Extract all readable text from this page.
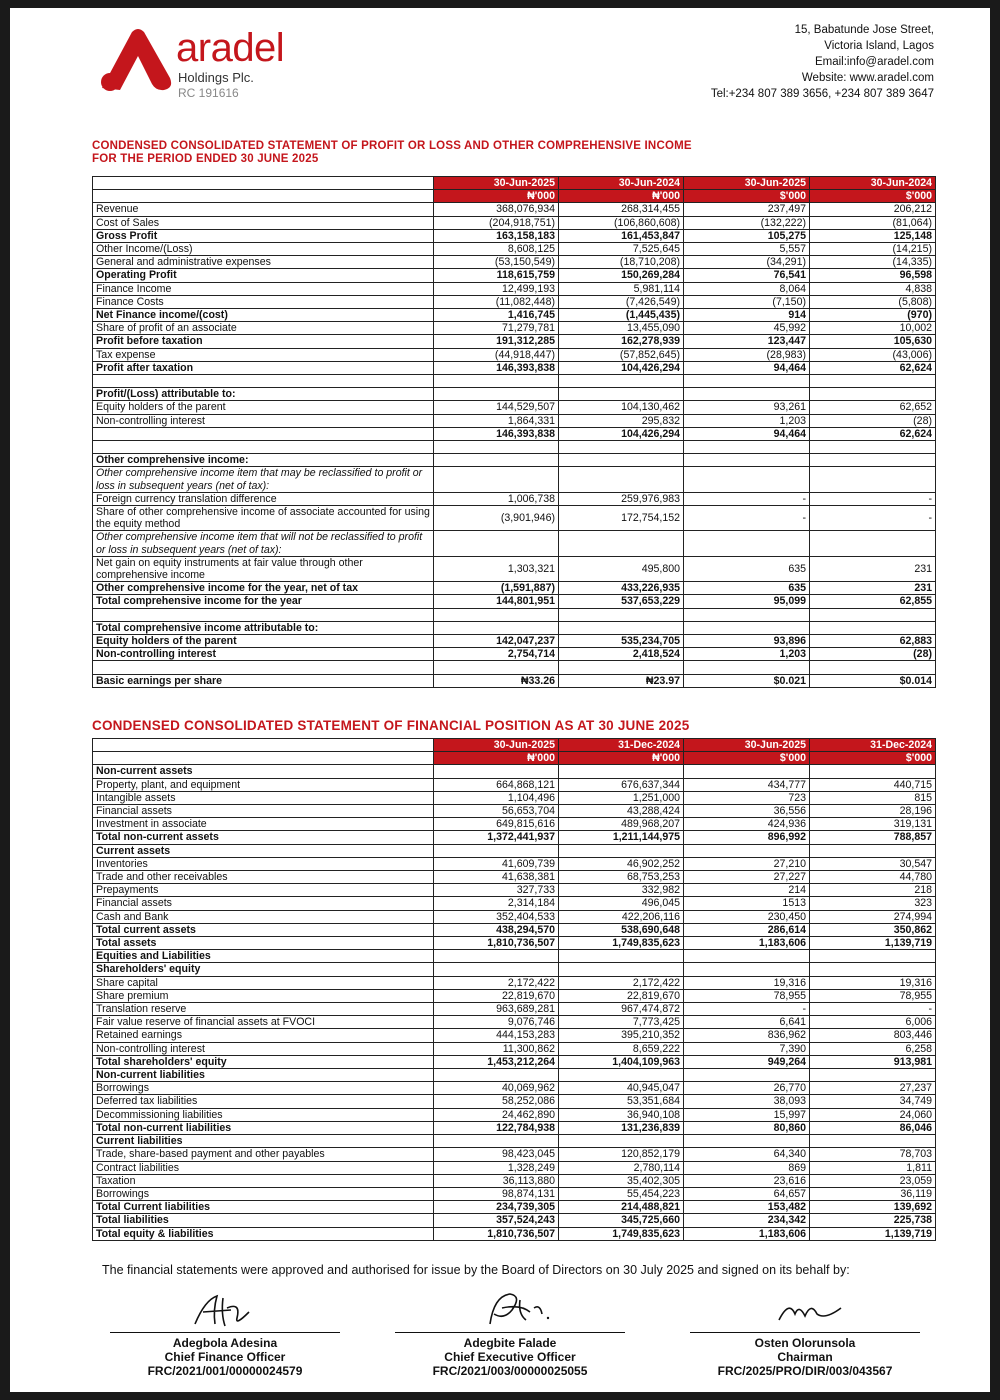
aradel
Holdings Plc.
RC 191616
15, Babatunde Jose Street,
Victoria Island, Lagos
Email:info@aradel.com
Website: www.aradel.com
Tel:+234 807 389 3656, +234 807 389 3647
CONDENSED CONSOLIDATED STATEMENT OF PROFIT OR LOSS AND OTHER COMPREHENSIVE INCOME
FOR THE PERIOD ENDED 30 JUNE 2025
	30-Jun-2025	30-Jun-2024	30-Jun-2025	30-Jun-2024
	₦'000	₦'000	$'000	$'000
Revenue	368,076,934	268,314,455	237,497	206,212
Cost of Sales	(204,918,751)	(106,860,608)	(132,222)	(81,064)
Gross Profit	163,158,183	161,453,847	105,275	125,148
Other Income/(Loss)	8,608,125	7,525,645	5,557	(14,215)
General and administrative expenses	(53,150,549)	(18,710,208)	(34,291)	(14,335)
Operating Profit	118,615,759	150,269,284	76,541	96,598
Finance Income	12,499,193	5,981,114	8,064	4,838
Finance Costs	(11,082,448)	(7,426,549)	(7,150)	(5,808)
Net Finance income/(cost)	1,416,745	(1,445,435)	914	(970)
Share of profit of an associate	71,279,781	13,455,090	45,992	10,002
Profit before taxation	191,312,285	162,278,939	123,447	105,630
Tax expense	(44,918,447)	(57,852,645)	(28,983)	(43,006)
Profit after taxation	146,393,838	104,426,294	94,464	62,624

Profit/(Loss) attributable to:				
Equity holders of the parent	144,529,507	104,130,462	93,261	62,652
Non-controlling interest	1,864,331	295,832	1,203	(28)
	146,393,838	104,426,294	94,464	62,624

Other comprehensive income:				
Other comprehensive income item that may be reclassified to profit or loss in subsequent years (net of tax):				
Foreign currency translation difference	1,006,738	259,976,983	-	-
Share of other comprehensive income of associate accounted for using the equity method	(3,901,946)	172,754,152	-	-
Other comprehensive income item that will not be reclassified to profit or loss in subsequent years (net of tax):				
Net gain on equity instruments at fair value through other comprehensive income	1,303,321	495,800	635	231
Other comprehensive income for the year, net of tax	(1,591,887)	433,226,935	635	231
Total comprehensive income for the year	144,801,951	537,653,229	95,099	62,855

Total comprehensive income attributable to:				
Equity holders of the parent	142,047,237	535,234,705	93,896	62,883
Non-controlling interest	2,754,714	2,418,524	1,203	(28)

Basic earnings per share	₦33.26	₦23.97	$0.021	$0.014
CONDENSED CONSOLIDATED STATEMENT OF FINANCIAL POSITION AS AT 30 JUNE 2025
	30-Jun-2025	31-Dec-2024	30-Jun-2025	31-Dec-2024
	₦'000	₦'000	$'000	$'000
Non-current assets				
Property, plant, and equipment	664,868,121	676,637,344	434,777	440,715
Intangible assets	1,104,496	1,251,000	723	815
Financial assets	56,653,704	43,288,424	36,556	28,196
Investment in associate	649,815,616	489,968,207	424,936	319,131
Total non-current assets	1,372,441,937	1,211,144,975	896,992	788,857
Current assets				
Inventories	41,609,739	46,902,252	27,210	30,547
Trade and other receivables	41,638,381	68,753,253	27,227	44,780
Prepayments	327,733	332,982	214	218
Financial assets	2,314,184	496,045	1513	323
Cash and Bank	352,404,533	422,206,116	230,450	274,994
Total current assets	438,294,570	538,690,648	286,614	350,862
Total assets	1,810,736,507	1,749,835,623	1,183,606	1,139,719
Equities and Liabilities				
Shareholders' equity				
Share capital	2,172,422	2,172,422	19,316	19,316
Share premium	22,819,670	22,819,670	78,955	78,955
Translation reserve	963,689,281	967,474,872	-	-
Fair value reserve of financial assets at FVOCI	9,076,746	7,773,425	6,641	6,006
Retained earnings	444,153,283	395,210,352	836,962	803,446
Non-controlling interest	11,300,862	8,659,222	7,390	6,258
Total shareholders' equity	1,453,212,264	1,404,109,963	949,264	913,981
Non-current liabilities				
Borrowings	40,069,962	40,945,047	26,770	27,237
Deferred tax liabilities	58,252,086	53,351,684	38,093	34,749
Decommissioning liabilities	24,462,890	36,940,108	15,997	24,060
Total non-current liabilities	122,784,938	131,236,839	80,860	86,046
Current liabilities				
Trade, share-based payment and other payables	98,423,045	120,852,179	64,340	78,703
Contract liabilities	1,328,249	2,780,114	869	1,811
Taxation	36,113,880	35,402,305	23,616	23,059
Borrowings	98,874,131	55,454,223	64,657	36,119
Total Current liabilities	234,739,305	214,488,821	153,482	139,692
Total liabilities	357,524,243	345,725,660	234,342	225,738
Total equity & liabilities	1,810,736,507	1,749,835,623	1,183,606	1,139,719
The financial statements were approved and authorised for issue by the Board of Directors on 30 July 2025 and signed on its behalf by:
Adegbola Adesina
Chief Finance Officer
FRC/2021/001/00000024579
Adegbite Falade
Chief Executive Officer
FRC/2021/003/00000025055
Osten Olorunsola
Chairman
FRC/2025/PRO/DIR/003/043567
